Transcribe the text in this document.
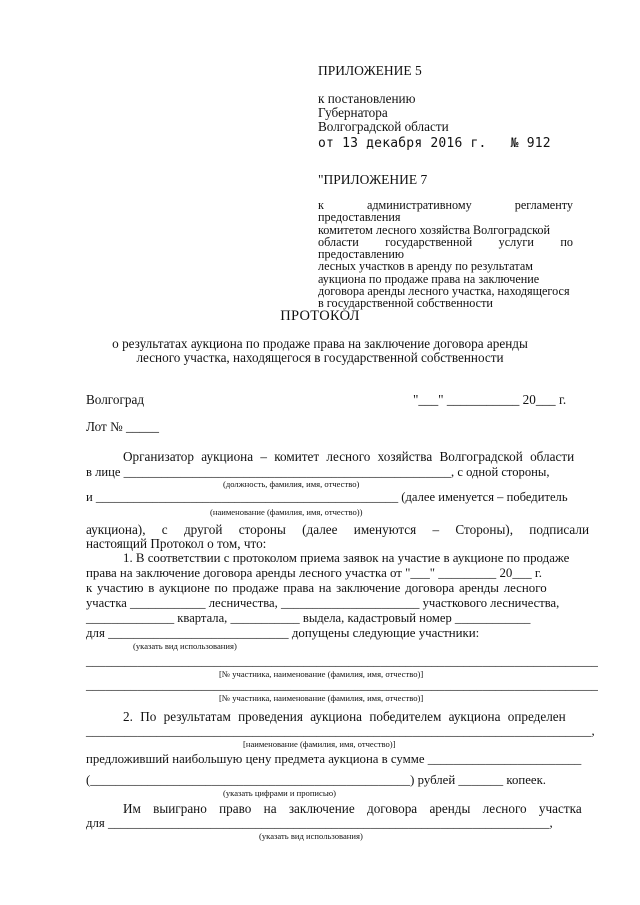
ПРИЛОЖЕНИЕ 5
к постановлению
Губернатора
Волгоградской области
от 13 декабря 2016 г.   № 912
"ПРИЛОЖЕНИЕ 7
к административному регламенту предоставления
комитетом лесного хозяйства Волгоградской
области государственной услуги по предоставлению
лесных участков в аренду по результатам
аукциона по продаже права на заключение
договора аренды лесного участка, находящегося
в государственной собственности
ПРОТОКОЛ
о результатах аукциона по продаже права на заключение договора аренды
лесного участка, находящегося в государственной собственности
Волгоград	"___" ___________ 20___ г.
Лот № _____
Организатор аукциона – комитет лесного хозяйства Волгоградской области
в лице ____________________________________________________, с одной стороны,
(должность, фамилия, имя, отчество)
и ________________________________________________ (далее именуется – победитель
(наименование (фамилия, имя, отчество))
аукциона), с другой стороны (далее именуются – Стороны), подписали
настоящий Протокол о том, что:
1. В соответствии с протоколом приема заявок на участие в аукционе по продаже
права на заключение договора аренды лесного участка от "___" _________ 20___ г.
к участию в аукционе по продаже права на заключение договора аренды лесного
участка ____________ лесничества, ______________________ участкового лесничества,
______________ квартала, ___________ выдела, кадастровый номер ____________
для ____________________________ допущены следующие участники:
(указать вид использования)
________________________________________________________________________________
[№ участника, наименование (фамилия, имя, отчество)]
________________________________________________________________________________
[№ участника, наименование (фамилия, имя, отчество)]
2. По результатам проведения аукциона победителем аукциона определен
_______________________________________________________________________________,
[наименование (фамилия, имя, отчество)]
предложивший наибольшую цену предмета аукциона в сумме ________________________
(__________________________________________________) рублей _______ копеек.
(указать цифрами и прописью)
Им выиграно право на заключение договора аренды лесного участка
для _____________________________________________________________________,
(указать вид использования)
